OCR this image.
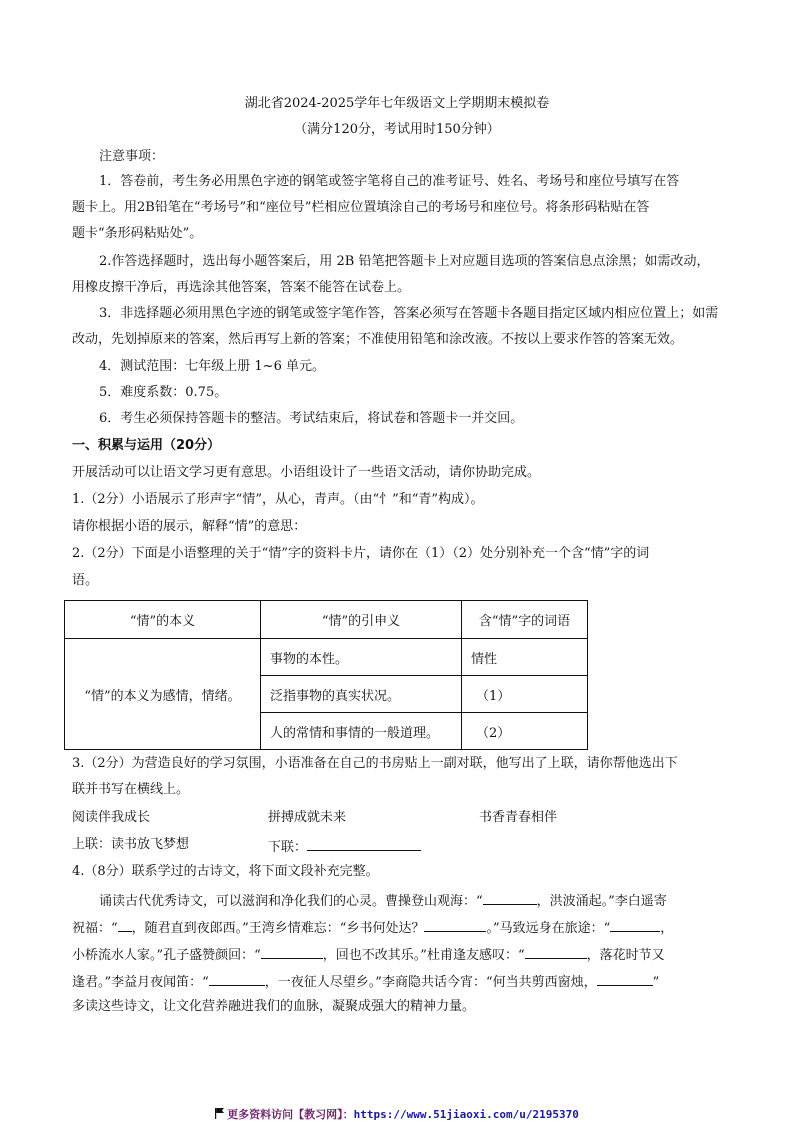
湖北省2024-2025学年七年级语文上学期期末模拟卷
（满分120分，考试用时150分钟）
注意事项：
1．答卷前，考生务必用黑色字迹的钢笔或签字笔将自己的准考证号、姓名、考场号和座位号填写在答
题卡上。用2B铅笔在“考场号”和“座位号”栏相应位置填涂自己的考场号和座位号。将条形码粘贴在答
题卡“条形码粘贴处”。
2.作答选择题时，选出每小题答案后，用 2B 铅笔把答题卡上对应题目选项的答案信息点涂黑；如需改动，
用橡皮擦干净后，再选涂其他答案，答案不能答在试卷上。
3．非选择题必须用黑色字迹的钢笔或签字笔作答，答案必须写在答题卡各题目指定区域内相应位置上；如需
改动，先划掉原来的答案，然后再写上新的答案；不准使用铅笔和涂改液。不按以上要求作答的答案无效。
4．测试范围：七年级上册 1~6 单元。
5．难度系数：0.75。
6．考生必须保持答题卡的整洁。考试结束后，将试卷和答题卡一并交回。
一、积累与运用（20分）
开展活动可以让语文学习更有意思。小语组设计了一些语文活动，请你协助完成。
1.（2分）小语展示了形声字“情”，从心，青声。（由“忄”和“青”构成）。
请你根据小语的展示，解释“情”的意思：
2.（2分）下面是小语整理的关于“情”字的资料卡片，请你在（1）（2）处分别补充一个含“情”字的词
语。
“情”的本义	“情”的引申义	含“情”字的词语
“情”的本义为感情，情绪。	事物的本性。	情性
	泛指事物的真实状况。	（1）
	人的常情和事情的一般道理。	（2）
3.（2分）为营造良好的学习氛围，小语准备在自己的书房贴上一副对联，他写出了上联，请你帮他选出下
联并书写在横线上。
阅读伴我成长	拼搏成就未来	书香青春相伴
上联：读书放飞梦想	下联：
4.（8分）联系学过的古诗文，将下面文段补充完整。
诵读古代优秀诗文，可以滋润和净化我们的心灵。曹操登山观海：“	，洪波涌起。”李白遥寄
祝福：“ ，随君直到夜郎西。”王湾乡情难忘：“乡书何处达？	。”马致远身在旅途：“	，
小桥流水人家。”孔子盛赞颜回：“	，回也不改其乐。”杜甫逢友感叹：“	，落花时节又
逢君。”李益月夜闻笛：“	，一夜征人尽望乡。”李商隐共话今宵：“何当共剪西窗烛，	”
多读这些诗文，让文化营养融进我们的血脉，凝聚成强大的精神力量。
更多资料访问【教习网】：https://www.51jiaoxi.com/u/2195370
